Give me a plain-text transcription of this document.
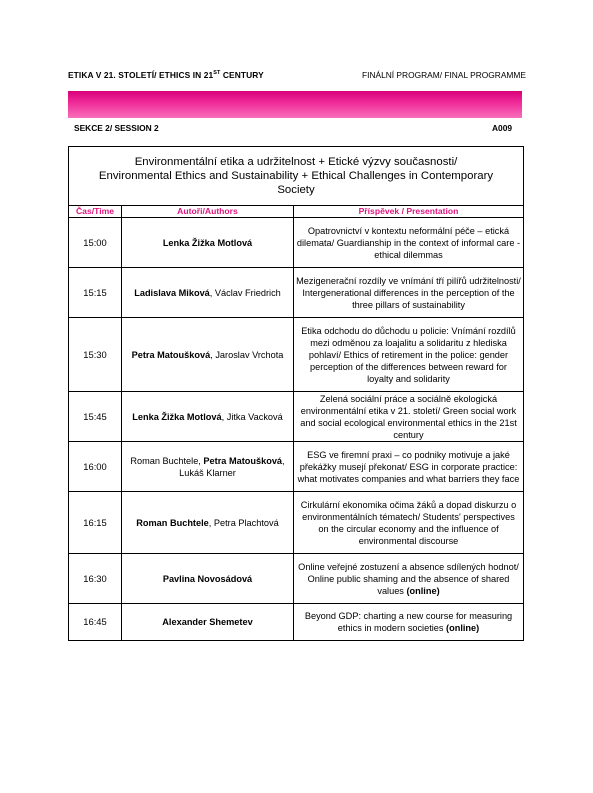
ETIKA V 21. STOLETÍ/ ETHICS IN 21ST CENTURY	FINÁLNÍ PROGRAM/ FINAL PROGRAMME
SEKCE 2/ SESSION 2	A009
Environmentální etika a udržitelnost + Etické výzvy současnosti/
Environmental Ethics and Sustainability + Ethical Challenges in Contemporary
Society		

Čas/Time	Autoři/Authors	Příspěvek / Presentation
15:00	Lenka Žižka Motlová	Opatrovnictví v kontextu neformální péče – etická dilemata/ Guardianship in the context of informal care - ethical dilemmas
15:15	Ladislava Miková, Václav Friedrich	Mezigenerační rozdíly ve vnímání tří pilířů udržitelnosti/ Intergenerational differences in the perception of the three pillars of sustainability
15:30	Petra Matoušková, Jaroslav Vrchota	Etika odchodu do důchodu u policie: Vnímání rozdílů mezi odměnou za loajalitu a solidaritu z hlediska pohlaví/ Ethics of retirement in the police: gender perception of the differences between reward for loyalty and solidarity
15:45	Lenka Žižka Motlová, Jitka Vacková	Zelená sociální práce a sociálně ekologická environmentální etika v 21. století/ Green social work and social ecological environmental ethics in the 21st century
16:00	Roman Buchtele, Petra Matoušková, Lukáš Klarner	ESG ve firemní praxi – co podniky motivuje a jaké překážky musejí překonat/ ESG in corporate practice: what motivates companies and what barriers they face
16:15	Roman Buchtele, Petra Plachtová	Cirkulární ekonomika očima žáků a dopad diskurzu o environmentálních tématech/ Students' perspectives on the circular economy and the influence of environmental discourse
16:30	Pavlina Novosádová	Online veřejné zostuzení a absence sdílených hodnot/ Online public shaming and the absence of shared values (online)
16:45	Alexander Shemetev	Beyond GDP: charting a new course for measuring ethics in modern societies (online)
